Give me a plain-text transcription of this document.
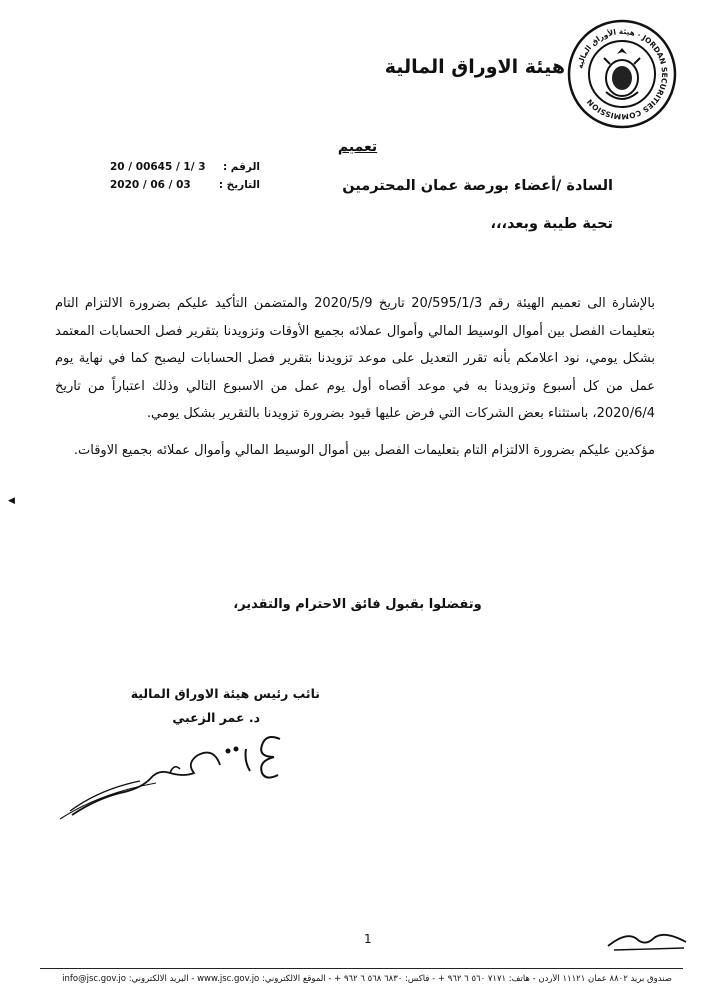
هيئة الأوراق المالية · JORDAN SECURITIES COMMISSION
هيئة الاوراق المالية
تعميم
الرقم :
20 / 00645 / 1/ 3
التاريخ :
2020 / 06 / 03	السادة /أعضاء بورصة عمان المحترمين
تحية طيبة وبعد،،،

بالإشارة الى تعميم الهيئة رقم 20/595/1/3 تاريخ 2020/5/9 والمتضمن التأكيد عليكم بضرورة الالتزام التام بتعليمات الفصل بين أموال الوسيط المالي وأموال عملائه بجميع الأوقات وتزويدنا بتقرير فصل الحسابات المعتمد بشكل يومي، نود اعلامكم بأنه تقرر التعديل على موعد تزويدنا بتقرير فصل الحسابات ليصبح كما في نهاية يوم عمل من كل أسبوع وتزويدنا به في موعد أقصاه أول يوم عمل من الاسبوع التالي وذلك اعتباراً من تاريخ 2020/6/4، باستثناء بعض الشركات التي فرض عليها قيود بضرورة تزويدنا بالتقرير بشكل يومي.

مؤكدين عليكم بضرورة الالتزام التام بتعليمات الفصل بين أموال الوسيط المالي وأموال عملائه بجميع الاوقات.

وتفضلوا بقبول فائق الاحترام والتقدير،
نائب رئيس هيئة الاوراق المالية
د. عمر الزعبي
◀
1
صندوق بريد ٨٨٠٢ عمان ١١١٢١ الأردن - هاتف: ٧١٧١ ٥٦٠ ٦ ٩٦٢ + - فاكس: ٦٨٣٠ ٥٦٨ ٦ ٩٦٢ + - الموقع الالكتروني: www.jsc.gov.jo - البريد الالكتروني: info@jsc.gov.jo
